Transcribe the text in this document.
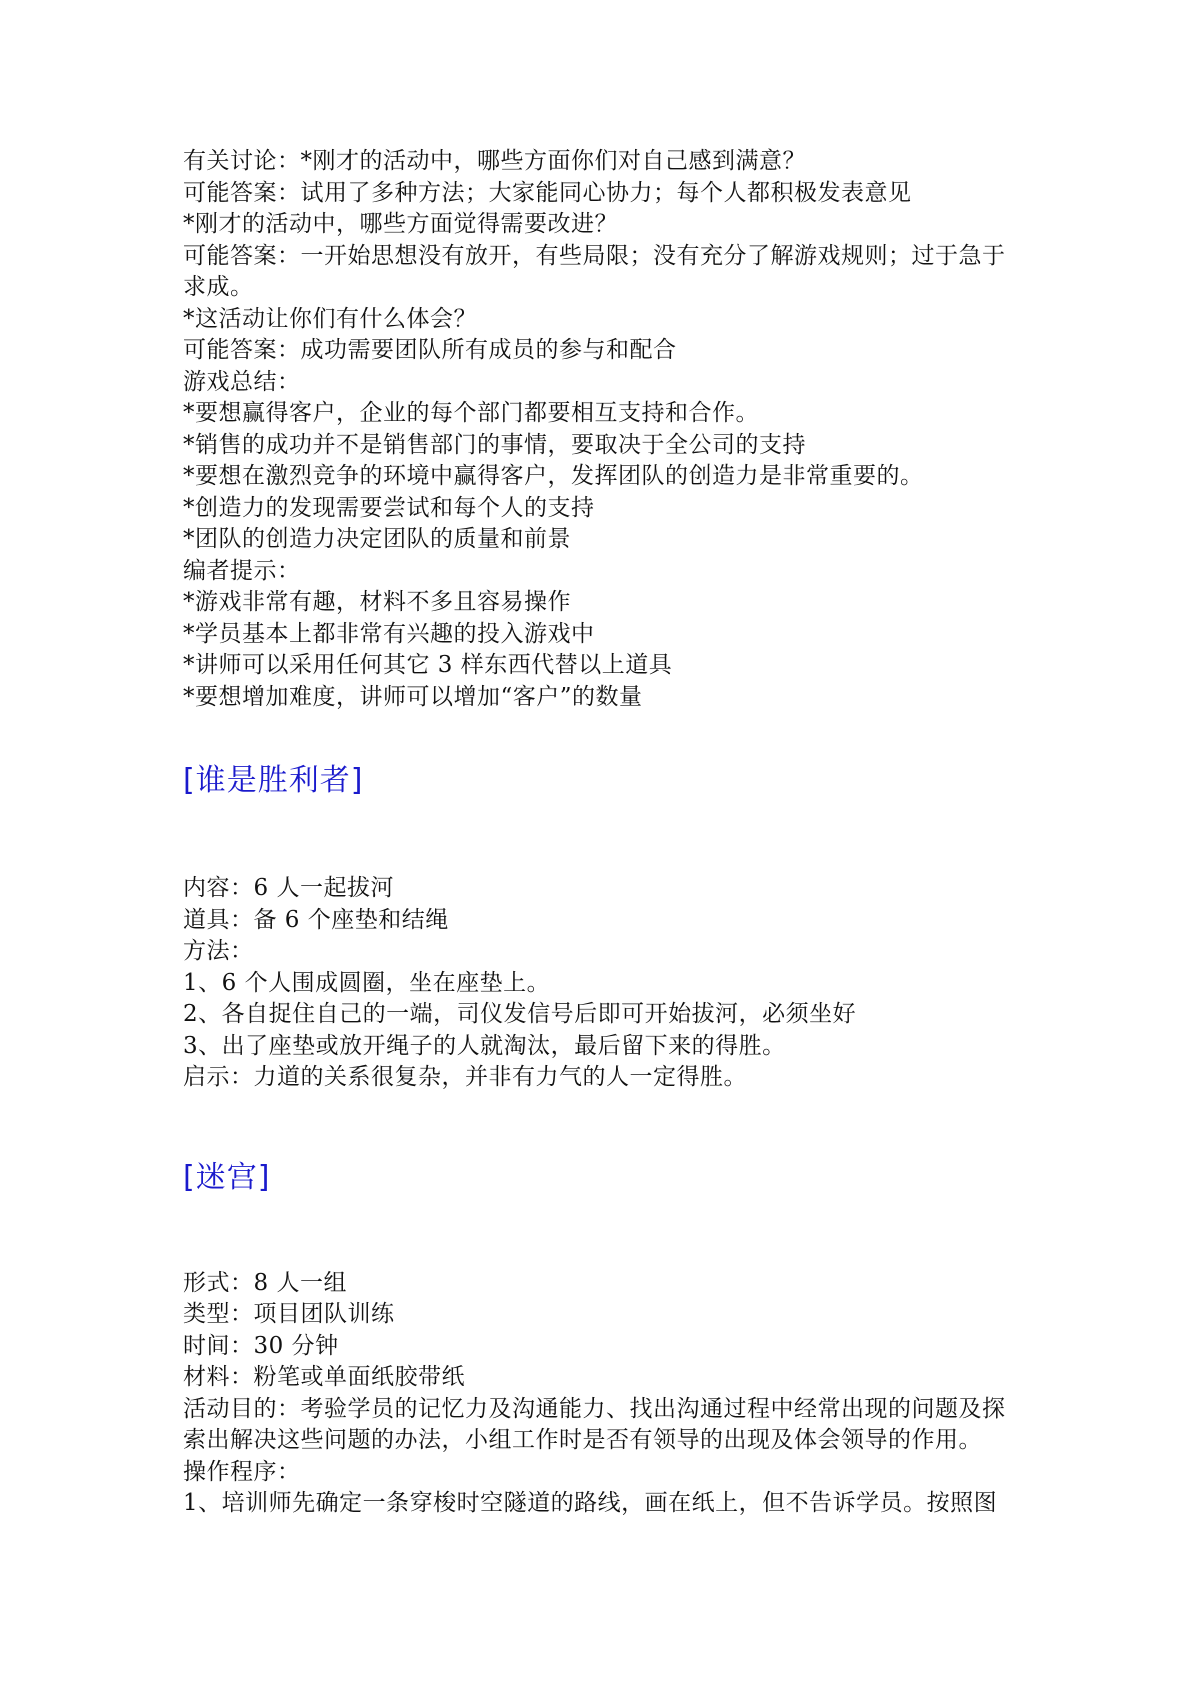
有关讨论：*刚才的活动中，哪些方面你们对自己感到满意？
可能答案：试用了多种方法；大家能同心协力；每个人都积极发表意见
*刚才的活动中，哪些方面觉得需要改进？
可能答案：一开始思想没有放开，有些局限；没有充分了解游戏规则；过于急于
求成。
*这活动让你们有什么体会？
可能答案：成功需要团队所有成员的参与和配合
游戏总结：
*要想赢得客户，企业的每个部门都要相互支持和合作。
*销售的成功并不是销售部门的事情，要取决于全公司的支持
*要想在激烈竞争的环境中赢得客户，发挥团队的创造力是非常重要的。
*创造力的发现需要尝试和每个人的支持
*团队的创造力决定团队的质量和前景
编者提示：
*游戏非常有趣，材料不多且容易操作
*学员基本上都非常有兴趣的投入游戏中
*讲师可以采用任何其它 3 样东西代替以上道具
*要想增加难度，讲师可以增加“客户”的数量
[谁是胜利者]
内容：6 人一起拔河
道具：备 6 个座垫和结绳
方法：
1、6 个人围成圆圈，坐在座垫上。
2、各自捉住自己的一端，司仪发信号后即可开始拔河，必须坐好
3、出了座垫或放开绳子的人就淘汰，最后留下来的得胜。
启示：力道的关系很复杂，并非有力气的人一定得胜。
[迷宫]
形式：8 人一组
类型：项目团队训练
时间：30 分钟
材料：粉笔或单面纸胶带纸
活动目的：考验学员的记忆力及沟通能力、找出沟通过程中经常出现的问题及探
索出解决这些问题的办法，小组工作时是否有领导的出现及体会领导的作用。
操作程序：
1、培训师先确定一条穿梭时空隧道的路线，画在纸上，但不告诉学员。按照图
